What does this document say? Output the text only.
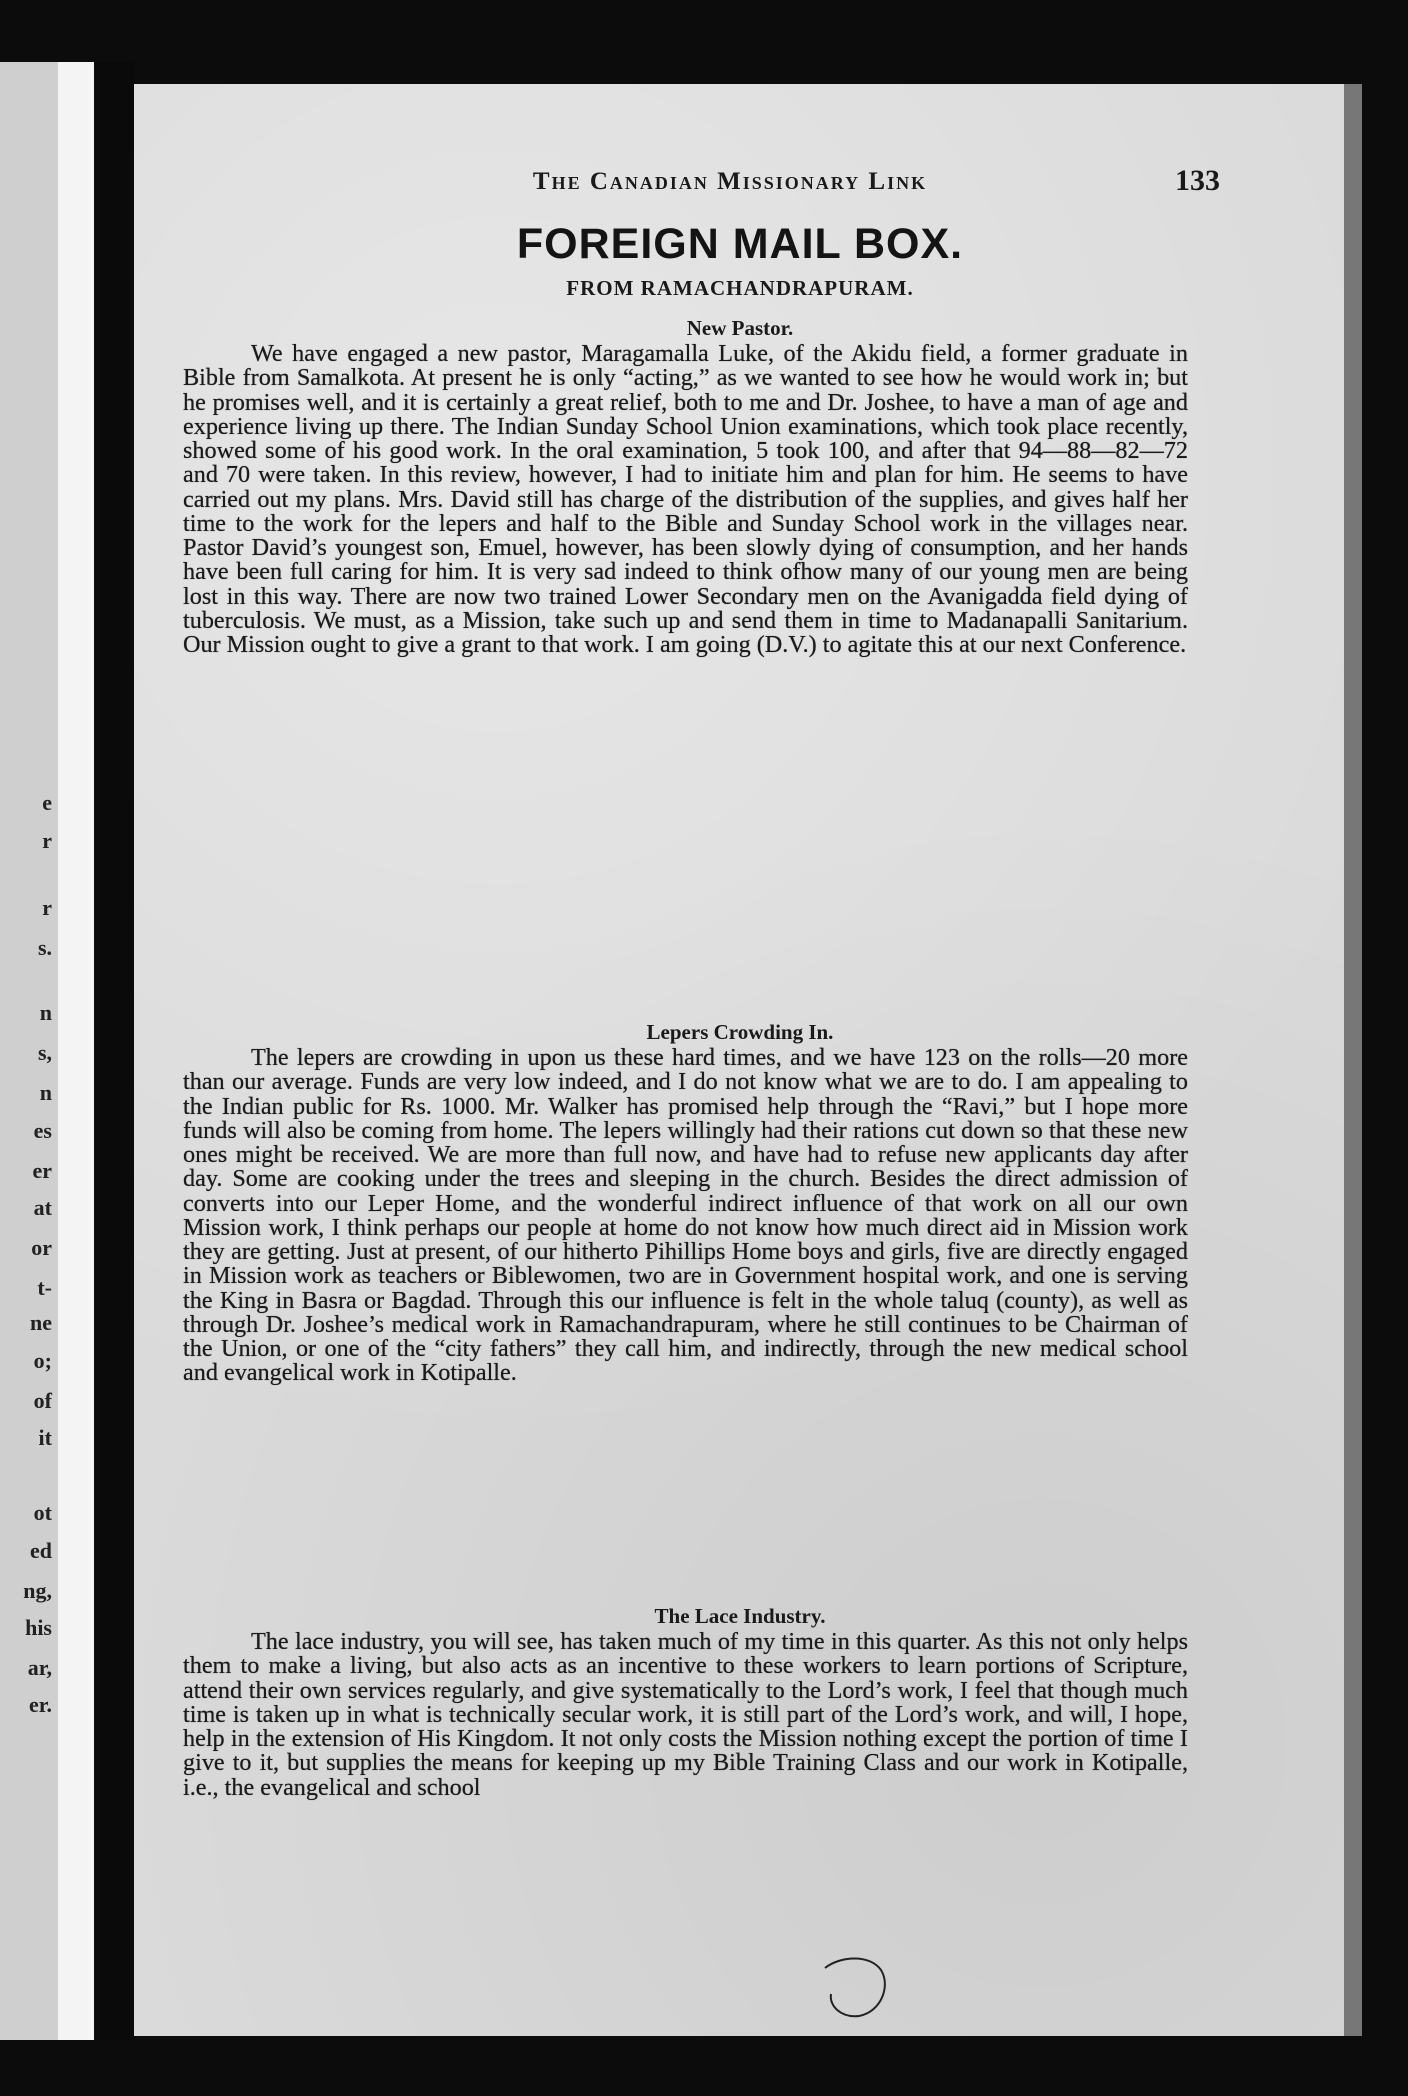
e
r
r
s.
n
s,
n
es
er
at
or
t-
ne
o;
of
it
ot
ed
ng,
his
ar,
er.
The Canadian Missionary Link	133
FOREIGN MAIL BOX.
FROM RAMACHANDRAPURAM.
New Pastor.

We have engaged a new pastor, Maragamalla Luke, of the Akidu field, a former graduate in Bible from Samalkota. At present he is only “acting,” as we wanted to see how he would work in; but he promises well, and it is certainly a great relief, both to me and Dr. Joshee, to have a man of age and experience living up there. The Indian Sunday School Union examinations, which took place recently, showed some of his good work. In the oral examination, 5 took 100, and after that 94—88—82—72 and 70 were taken. In this review, however, I had to initiate him and plan for him. He seems to have carried out my plans. Mrs. David still has charge of the distribution of the supplies, and gives half her time to the work for the lepers and half to the Bible and Sunday School work in the villages near. Pastor David’s youngest son, Emuel, however, has been slowly dying of consumption, and her hands have been full caring for him. It is very sad indeed to think ofhow many of our young men are being lost in this way. There are now two trained Lower Secondary men on the Avanigadda field dying of tuberculosis. We must, as a Mission, take such up and send them in time to Madanapalli Sanitarium. Our Mission ought to give a grant to that work. I am going (D.V.) to agitate this at our next Conference.

Lepers Crowding In.

The lepers are crowding in upon us these hard times, and we have 123 on the rolls—20 more than our average. Funds are very low indeed, and I do not know what we are to do. I am appealing to the Indian public for Rs. 1000. Mr. Walker has promised help through the “Ravi,” but I hope more funds will also be coming from home. The lepers willingly had their rations cut down so that these new ones might be received. We are more than full now, and have had to refuse new applicants day after day. Some are cooking under the trees and sleeping in the church. Besides the direct admission of converts into our Leper Home, and the wonderful indirect influence of that work on all our own Mission work, I think perhaps our people at home do not know how much direct aid in Mission work they are getting. Just at present, of our hitherto Pihillips Home boys and girls, five are directly engaged in Mission work as teachers or Biblewomen, two are in Government hospital work, and one is serving the King in Basra or Bagdad. Through this our influence is felt in the whole taluq (county), as well as through Dr. Joshee’s medical work in Ramachandrapuram, where he still continues to be Chairman of the Union, or one of the “city fathers” they call him, and indirectly, through the new medical school and evangelical work in Kotipalle.

The Lace Industry.

The lace industry, you will see, has taken much of my time in this quarter. As this not only helps them to make a living, but also acts as an incentive to these workers to learn portions of Scripture, attend their own services regularly, and give systematically to the Lord’s work, I feel that though much time is taken up in what is technically secular work, it is still part of the Lord’s work, and will, I hope, help in the extension of His Kingdom. It not only costs the Mission nothing except the portion of time I give to it, but supplies the means for keeping up my Bible Training Class and our work in Kotipalle, i.e., the evangelical and school
